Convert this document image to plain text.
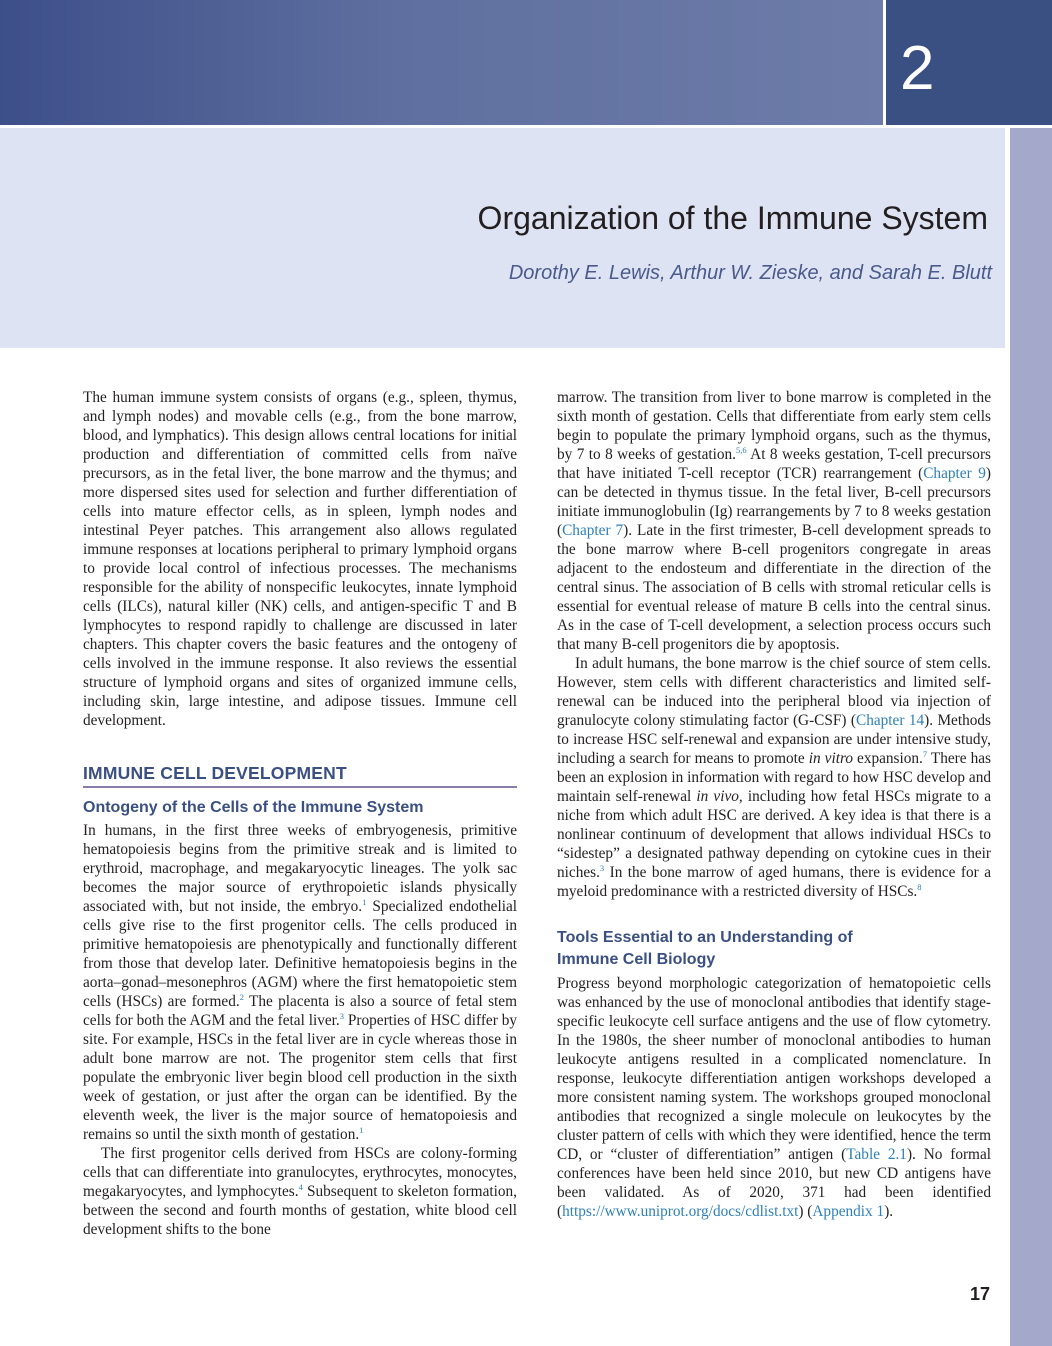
2
Organization of the Immune System

Dorothy E. Lewis, Arthur W. Zieske, and Sarah E. Blutt

The human immune system consists of organs (e.g., spleen, thymus, and lymph nodes) and movable cells (e.g., from the bone marrow, blood, and lymphatics). This design allows central locations for initial production and differentiation of committed cells from naïve precursors, as in the fetal liver, the bone marrow and the thymus; and more dispersed sites used for selection and further differentiation of cells into mature effector cells, as in spleen, lymph nodes and intestinal Peyer patches. This arrangement also allows regulated immune responses at locations peripheral to primary lymphoid organs to provide local control of infectious processes. The mechanisms responsible for the ability of nonspecific leukocytes, innate lymphoid cells (ILCs), natural killer (NK) cells, and antigen-specific T and B lymphocytes to respond rapidly to challenge are discussed in later chapters. This chapter covers the basic features and the ontogeny of cells involved in the immune response. It also reviews the essential structure of lymphoid organs and sites of organized immune cells, including skin, large intestine, and adipose tissues. Immune cell development.

IMMUNE CELL DEVELOPMENT
Ontogeny of the Cells of the Immune System

In humans, in the first three weeks of embryogenesis, primitive hematopoiesis begins from the primitive streak and is limited to erythroid, macrophage, and megakaryocytic lineages. The yolk sac becomes the major source of erythropoietic islands physically associated with, but not inside, the embryo.$^1$ Specialized endothelial cells give rise to the first progenitor cells. The cells produced in primitive hematopoiesis are phenotypically and functionally different from those that develop later. Definitive hematopoiesis begins in the aorta–gonad–mesonephros (AGM) where the first hematopoietic stem cells (HSCs) are formed.$^2$ The placenta is also a source of fetal stem cells for both the AGM and the fetal liver.$^3$ Properties of HSC differ by site. For example, HSCs in the fetal liver are in cycle whereas those in adult bone marrow are not. The progenitor stem cells that first populate the embryonic liver begin blood cell production in the sixth week of gestation, or just after the organ can be identified. By the eleventh week, the liver is the major source of hematopoiesis and remains so until the sixth month of gestation.$^1$

The first progenitor cells derived from HSCs are colony-forming cells that can differentiate into granulocytes, erythrocytes, monocytes, megakaryocytes, and lymphocytes.$^4$ Subsequent to skeleton formation, between the second and fourth months of gestation, white blood cell development shifts to the bone

marrow. The transition from liver to bone marrow is completed in the sixth month of gestation. Cells that differentiate from early stem cells begin to populate the primary lymphoid organs, such as the thymus, by 7 to 8 weeks of gestation.$^{5,6}$ At 8 weeks gestation, T-cell precursors that have initiated T-cell receptor (TCR) rearrangement (Chapter 9) can be detected in thymus tissue. In the fetal liver, B-cell precursors initiate immunoglobulin (Ig) rearrangements by 7 to 8 weeks gestation (Chapter 7). Late in the first trimester, B-cell development spreads to the bone marrow where B-cell progenitors congregate in areas adjacent to the endosteum and differentiate in the direction of the central sinus. The association of B cells with stromal reticular cells is essential for eventual release of mature B cells into the central sinus. As in the case of T-cell development, a selection process occurs such that many B-cell progenitors die by apoptosis.

In adult humans, the bone marrow is the chief source of stem cells. However, stem cells with different characteristics and limited self-renewal can be induced into the peripheral blood via injection of granulocyte colony stimulating factor (G-CSF) (Chapter 14). Methods to increase HSC self-renewal and expansion are under intensive study, including a search for means to promote in vitro expansion.$^7$ There has been an explosion in information with regard to how HSC develop and maintain self-renewal in vivo, including how fetal HSCs migrate to a niche from which adult HSC are derived. A key idea is that there is a nonlinear continuum of development that allows individual HSCs to “sidestep” a designated pathway depending on cytokine cues in their niches.$^3$ In the bone marrow of aged humans, there is evidence for a myeloid predominance with a restricted diversity of HSCs.$^8$

Tools Essential to an Understanding of
Immune Cell Biology

Progress beyond morphologic categorization of hematopoietic cells was enhanced by the use of monoclonal antibodies that identify stage-specific leukocyte cell surface antigens and the use of flow cytometry. In the 1980s, the sheer number of monoclonal antibodies to human leukocyte antigens resulted in a complicated nomenclature. In response, leukocyte differentiation antigen workshops developed a more consistent naming system. The workshops grouped monoclonal antibodies that recognized a single molecule on leukocytes by the cluster pattern of cells with which they were identified, hence the term CD, or “cluster of differentiation” antigen (Table 2.1). No formal conferences have been held since 2010, but new CD antigens have been validated. As of 2020, 371 had been identified (https://www.uniprot.org/docs/cdlist.txt) (Appendix 1).

17
